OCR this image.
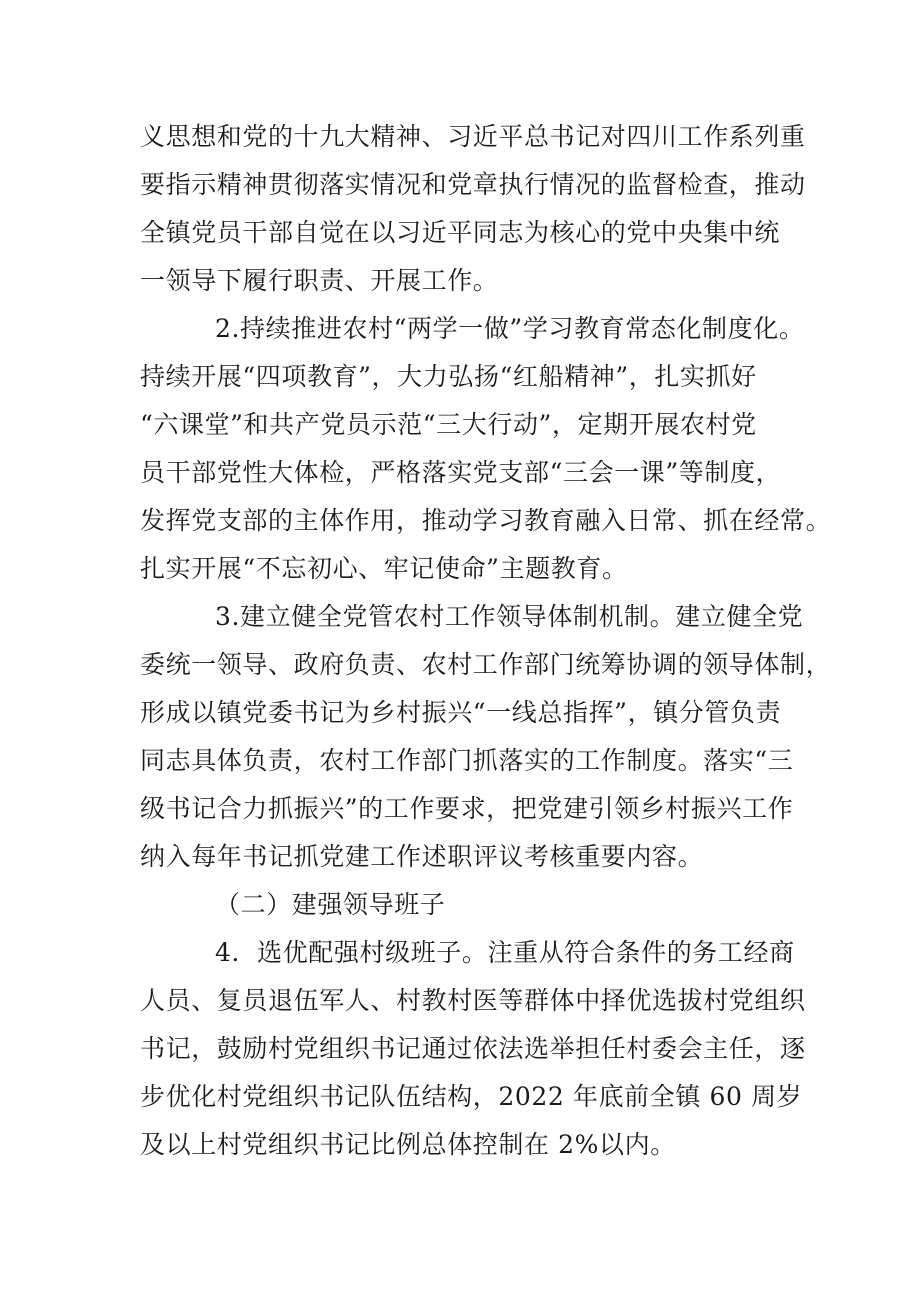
义思想和党的十九大精神、习近平总书记对四川工作系列重
要指示精神贯彻落实情况和党章执行情况的监督检查，推动
全镇党员干部自觉在以习近平同志为核心的党中央集中统
一领导下履行职责、开展工作。

2.持续推进农村“两学一做”学习教育常态化制度化。
持续开展“四项教育”，大力弘扬“红船精神”，扎实抓好
“六课堂”和共产党员示范“三大行动”，定期开展农村党
员干部党性大体检，严格落实党支部“三会一课”等制度，
发挥党支部的主体作用，推动学习教育融入日常、抓在经常。
扎实开展“不忘初心、牢记使命”主题教育。

3.建立健全党管农村工作领导体制机制。建立健全党
委统一领导、政府负责、农村工作部门统筹协调的领导体制，
形成以镇党委书记为乡村振兴“一线总指挥”，镇分管负责
同志具体负责，农村工作部门抓落实的工作制度。落实“三
级书记合力抓振兴”的工作要求，把党建引领乡村振兴工作
纳入每年书记抓党建工作述职评议考核重要内容。

（二）建强领导班子

4．选优配强村级班子。注重从符合条件的务工经商
人员、复员退伍军人、村教村医等群体中择优选拔村党组织
书记，鼓励村党组织书记通过依法选举担任村委会主任，逐
步优化村党组织书记队伍结构，2022 年底前全镇 60 周岁
及以上村党组织书记比例总体控制在 2%以内。
